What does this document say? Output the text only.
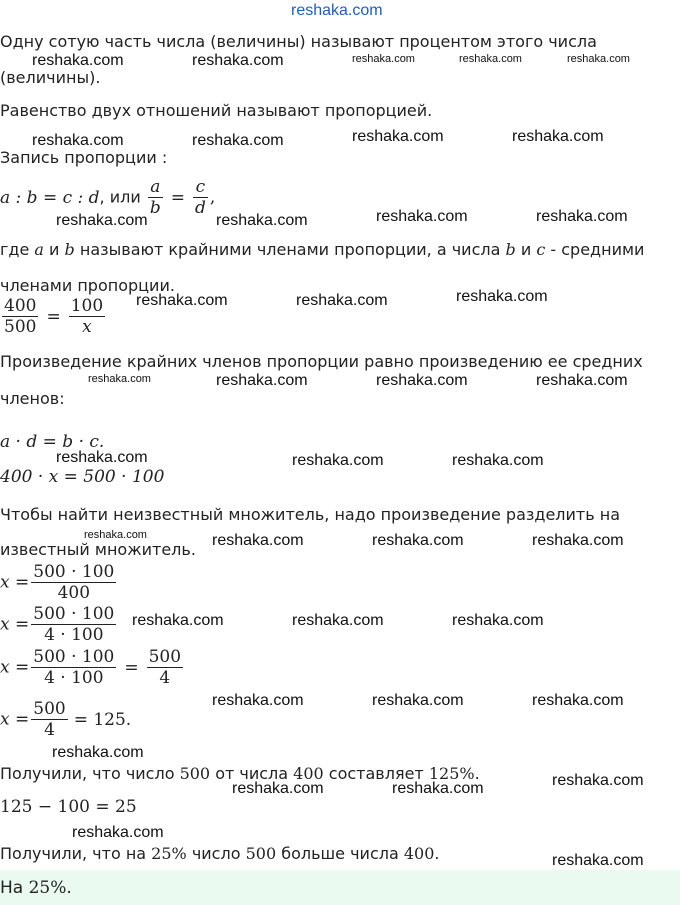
reshaka.com
Одну сотую часть числа (величины) называют процентом этого числа
(величины).
Равенство двух отношений называют пропорцией.
Запись пропорции :
a : b = c : d, или $\frac{a}{b} = \frac{c}{d}$ ,
где a и b называют крайними членами пропорции, а числа b и c - средними
членами пропорции.
$\frac{400}{500} = \frac{100}{x}$
Произведение крайних членов пропорции равно произведению ее средних
членов:
a · d = b · c.
400 · x = 500 · 100
Чтобы найти неизвестный множитель, надо произведение разделить на
известный множитель.
$x = \frac{500 \cdot 100}{400}$
$x = \frac{500 \cdot 100}{4 \cdot 100}$
$x = \frac{500 \cdot 100}{4 \cdot 100} = \frac{500}{4}$
$x = \frac{500}{4} = 125$.
Получили, что число 500 от числа 400 составляет 125%.
125 − 100 = 25
Получили, что на 25% число 500 больше числа 400.
На 25%.
reshaka.com	reshaka.com	reshaka.com	reshaka.com	reshaka.com
reshaka.com	reshaka.com	reshaka.com	reshaka.com
reshaka.com	reshaka.com	reshaka.com	reshaka.com
reshaka.com	reshaka.com	reshaka.com
reshaka.com	reshaka.com	reshaka.com	reshaka.com
reshaka.com	reshaka.com	reshaka.com
reshaka.com	reshaka.com	reshaka.com	reshaka.com
reshaka.com	reshaka.com	reshaka.com
reshaka.com	reshaka.com	reshaka.com
reshaka.com
reshaka.com
reshaka.com	reshaka.com
reshaka.com
reshaka.com
